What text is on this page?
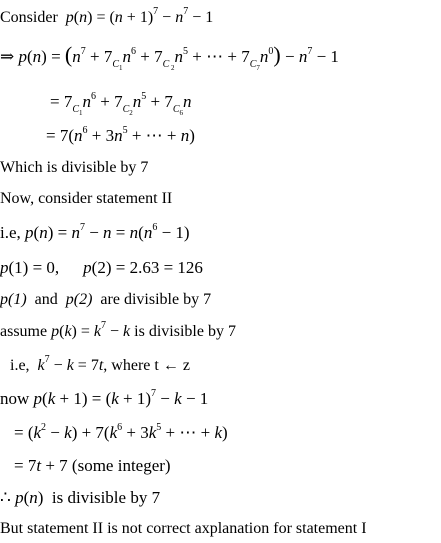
Consider $p(n) = (n + 1)^7 - n^7 - 1$
⇒ $p(n) = (n^7 + 7_{C_1}n^6 + 7_{C _2}n^5$ + ⋯ + $7_{C_7}n^0) - n^7 - 1$
= $7_{C_1}n^6 + 7_{C_2}n^5 + 7_{C_6}n$
= $7(n^6 + 3n^5$ + ⋯ + n)
Which is divisible by 7
Now, consider statement II
i.e, $p(n) = n^7 - n = n(n^6 - 1)$
p(1) = 0, p(2) = 2.63 = 126
p(1) and p(2) are divisible by 7
assume $p(k) = k^7 - k$ is divisible by 7
i.e, $k^7 - k = 7t$, where t ← z
now $p(k + 1) = (k + 1)^7 - k - 1$
= $(k^2 - k) + 7(k^6 + 3k^5$ + ⋯ + k)
= 7t + 7 (some integer)
∴ p(n)  is divisible by 7
But statement II is not correct axplanation for statement I
